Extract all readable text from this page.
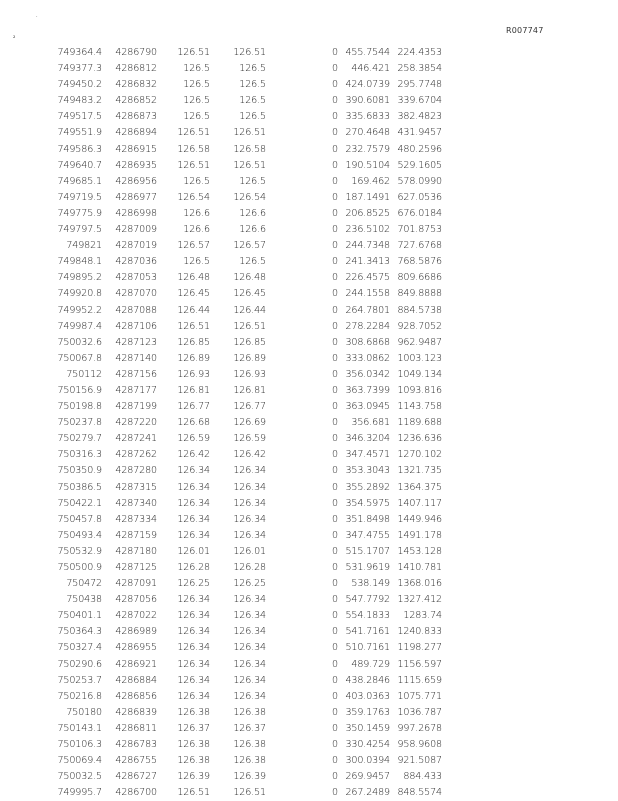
·
₂
R007747
749364.4	4286790	126.51	126.51	0	455.7544	224.4353
749377.3	4286812	126.5	126.5	0	446.421	258.3854
749450.2	4286832	126.5	126.5	0	424.0739	295.7748
749483.2	4286852	126.5	126.5	0	390.6081	339.6704
749517.5	4286873	126.5	126.5	0	335.6833	382.4823
749551.9	4286894	126.51	126.51	0	270.4648	431.9457
749586.3	4286915	126.58	126.58	0	232.7579	480.2596
749640.7	4286935	126.51	126.51	0	190.5104	529.1605
749685.1	4286956	126.5	126.5	0	169.462	578.0990
749719.5	4286977	126.54	126.54	0	187.1491	627.0536
749775.9	4286998	126.6	126.6	0	206.8525	676.0184
749797.5	4287009	126.6	126.6	0	236.5102	701.8753
749821	4287019	126.57	126.57	0	244.7348	727.6768
749848.1	4287036	126.5	126.5	0	241.3413	768.5876
749895.2	4287053	126.48	126.48	0	226.4575	809.6686
749920.8	4287070	126.45	126.45	0	244.1558	849.8888
749952.2	4287088	126.44	126.44	0	264.7801	884.5738
749987.4	4287106	126.51	126.51	0	278.2284	928.7052
750032.6	4287123	126.85	126.85	0	308.6868	962.9487
750067.8	4287140	126.89	126.89	0	333.0862	1003.123
750112	4287156	126.93	126.93	0	356.0342	1049.134
750156.9	4287177	126.81	126.81	0	363.7399	1093.816
750198.8	4287199	126.77	126.77	0	363.0945	1143.758
750237.8	4287220	126.68	126.69	0	356.681	1189.688
750279.7	4287241	126.59	126.59	0	346.3204	1236.636
750316.3	4287262	126.42	126.42	0	347.4571	1270.102
750350.9	4287280	126.34	126.34	0	353.3043	1321.735
750386.5	4287315	126.34	126.34	0	355.2892	1364.375
750422.1	4287340	126.34	126.34	0	354.5975	1407.117
750457.8	4287334	126.34	126.34	0	351.8498	1449.946
750493.4	4287159	126.34	126.34	0	347.4755	1491.178
750532.9	4287180	126.01	126.01	0	515.1707	1453.128
750500.9	4287125	126.28	126.28	0	531.9619	1410.781
750472	4287091	126.25	126.25	0	538.149	1368.016
750438	4287056	126.34	126.34	0	547.7792	1327.412
750401.1	4287022	126.34	126.34	0	554.1833	1283.74
750364.3	4286989	126.34	126.34	0	541.7161	1240.833
750327.4	4286955	126.34	126.34	0	510.7161	1198.277
750290.6	4286921	126.34	126.34	0	489.729	1156.597
750253.7	4286884	126.34	126.34	0	438.2846	1115.659
750216.8	4286856	126.34	126.34	0	403.0363	1075.771
750180	4286839	126.38	126.38	0	359.1763	1036.787
750143.1	4286811	126.37	126.37	0	350.1459	997.2678
750106.3	4286783	126.38	126.38	0	330.4254	958.9608
750069.4	4286755	126.38	126.38	0	300.0394	921.5087
750032.5	4286727	126.39	126.39	0	269.9457	884.433
749995.7	4286700	126.51	126.51	0	267.2489	848.5574
